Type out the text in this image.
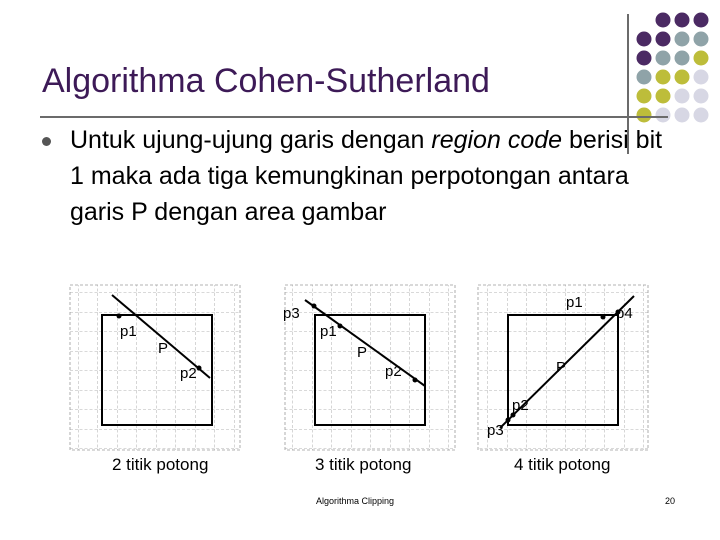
Algorithma Cohen-Sutherland
Untuk ujung-ujung garis dengan region code berisi bit 1 maka ada tiga kemungkinan perpotongan antara garis P dengan area gambar
p1
P
p2
p3
p1
P
p2
p1
p4
P
p2
p3
2 titik potong	3 titik potong	4 titik potong
Algorithma Clipping	20
